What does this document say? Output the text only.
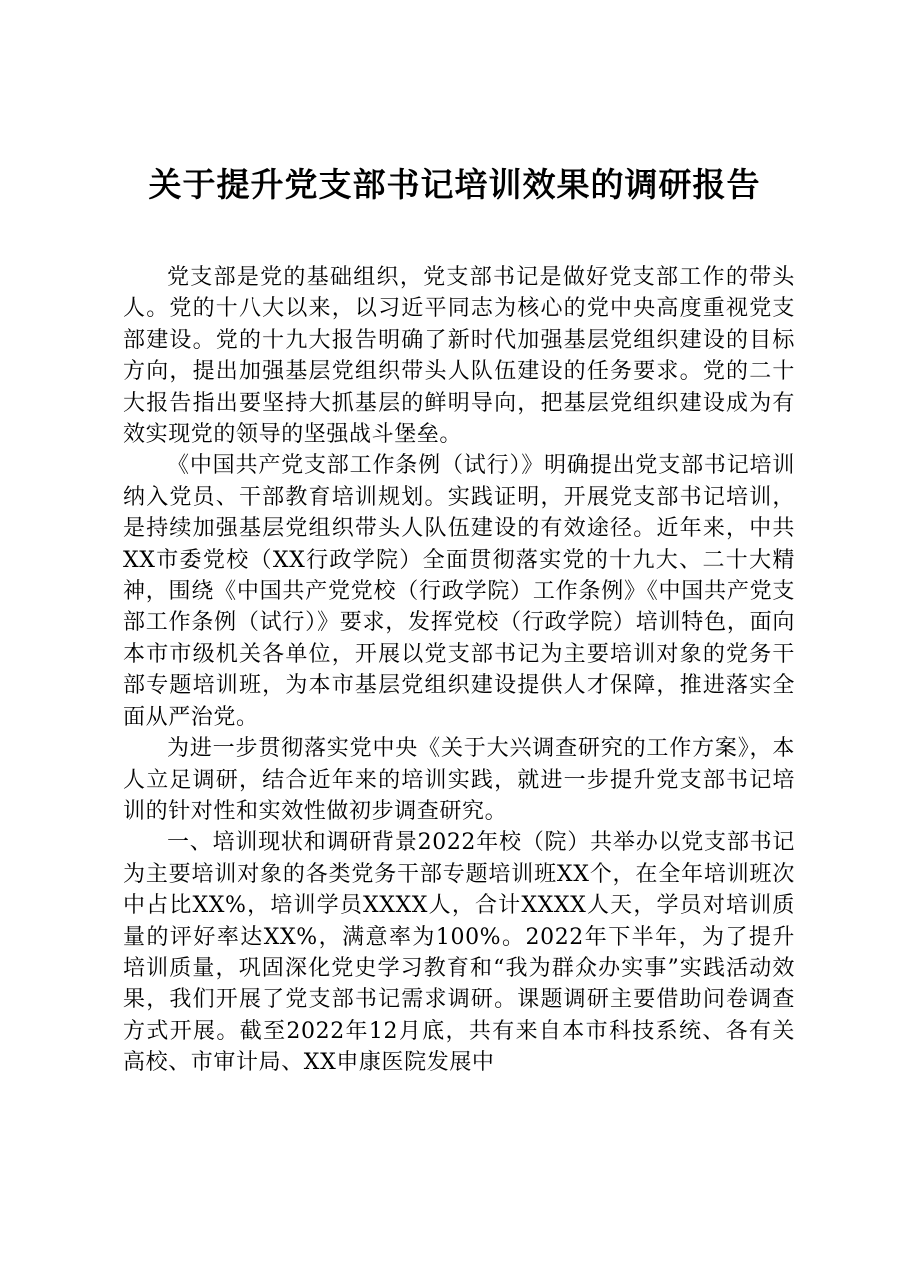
关于提升党支部书记培训效果的调研报告

党支部是党的基础组织，党支部书记是做好党支部工作的带头人。党的十八大以来，以习近平同志为核心的党中央高度重视党支部建设。党的十九大报告明确了新时代加强基层党组织建设的目标方向，提出加强基层党组织带头人队伍建设的任务要求。党的二十大报告指出要坚持大抓基层的鲜明导向，把基层党组织建设成为有效实现党的领导的坚强战斗堡垒。

《中国共产党支部工作条例（试行）》明确提出党支部书记培训纳入党员、干部教育培训规划。实践证明，开展党支部书记培训，是持续加强基层党组织带头人队伍建设的有效途径。近年来，中共XX市委党校（XX行政学院）全面贯彻落实党的十九大、二十大精神，围绕《中国共产党党校（行政学院）工作条例》《中国共产党支部工作条例（试行）》要求，发挥党校（行政学院）培训特色，面向本市市级机关各单位，开展以党支部书记为主要培训对象的党务干部专题培训班，为本市基层党组织建设提供人才保障，推进落实全面从严治党。

为进一步贯彻落实党中央《关于大兴调查研究的工作方案》，本人立足调研，结合近年来的培训实践，就进一步提升党支部书记培训的针对性和实效性做初步调查研究。

一、培训现状和调研背景2022年校（院）共举办以党支部书记为主要培训对象的各类党务干部专题培训班XX个，在全年培训班次中占比XX%，培训学员XXXX人，合计XXXX人天，学员对培训质量的评好率达XX%，满意率为100%。2022年下半年，为了提升培训质量，巩固深化党史学习教育和“我为群众办实事”实践活动效果，我们开展了党支部书记需求调研。课题调研主要借助问卷调查方式开展。截至2022年12月底，共有来自本市科技系统、各有关高校、市审计局、XX申康医院发展中
